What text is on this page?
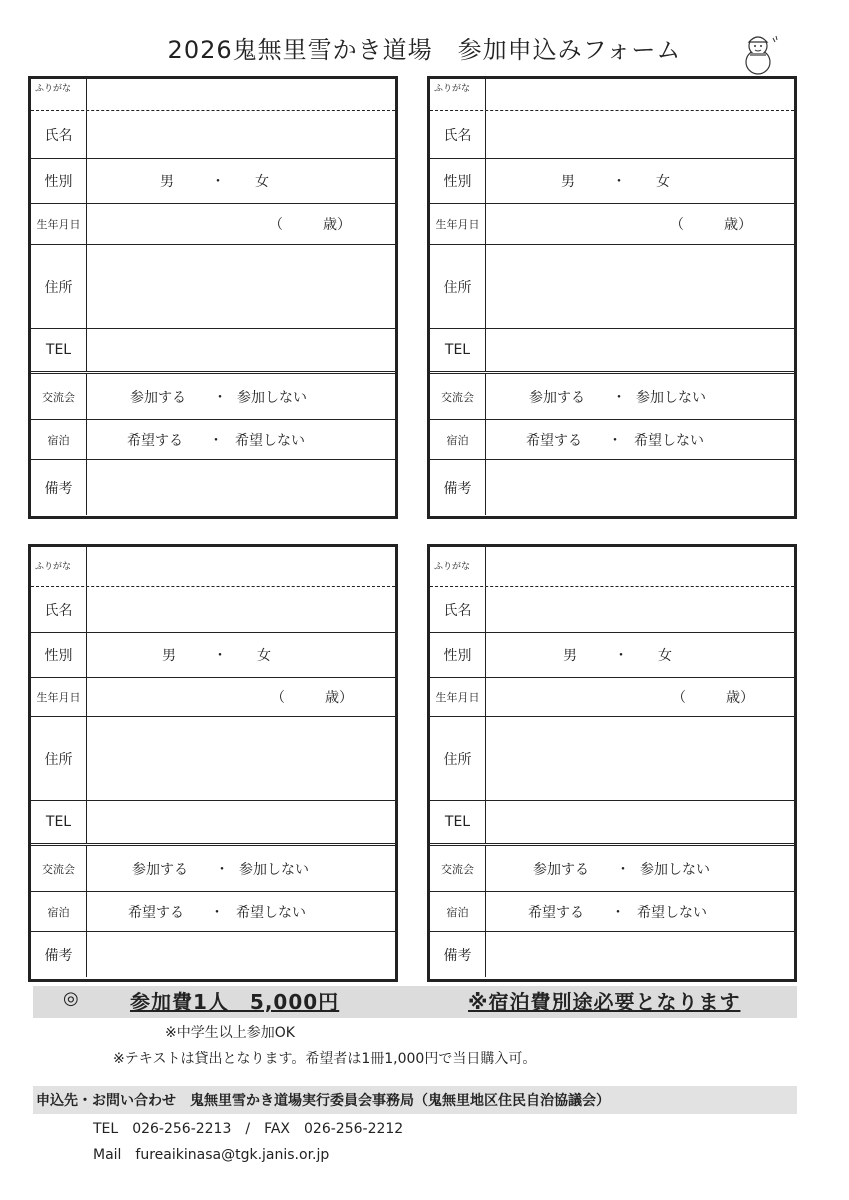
2026鬼無里雪かき道場　参加申込みフォーム
ふりがな
氏名
性別	男	・ 女
生年月日	（	歳）
住所
TEL
交流会	参加する ・ 参加しない
宿泊	希望する ・ 希望しない
備考
ふりがな
氏名
性別	男	・ 女
生年月日	（	歳）
住所
TEL
交流会	参加する ・ 参加しない
宿泊	希望する ・ 希望しない
備考
ふりがな
氏名
性別	男	・ 女
生年月日	（	歳）
住所
TEL
交流会	参加する ・ 参加しない
宿泊	希望する ・ 希望しない
備考
ふりがな
氏名
性別	男	・ 女
生年月日	（	歳）
住所
TEL
交流会	参加する ・ 参加しない
宿泊	希望する ・ 希望しない
備考
◎	参加費1人　5,000円	※宿泊費別途必要となります
※中学生以上参加OK
※テキストは貸出となります。希望者は1冊1,000円で当日購入可。
申込先・お問い合わせ　鬼無里雪かき道場実行委員会事務局（鬼無里地区住民自治協議会）
TEL　026-256-2213　/　FAX　026-256-2212
Mail　fureaikinasa@tgk.janis.or.jp
